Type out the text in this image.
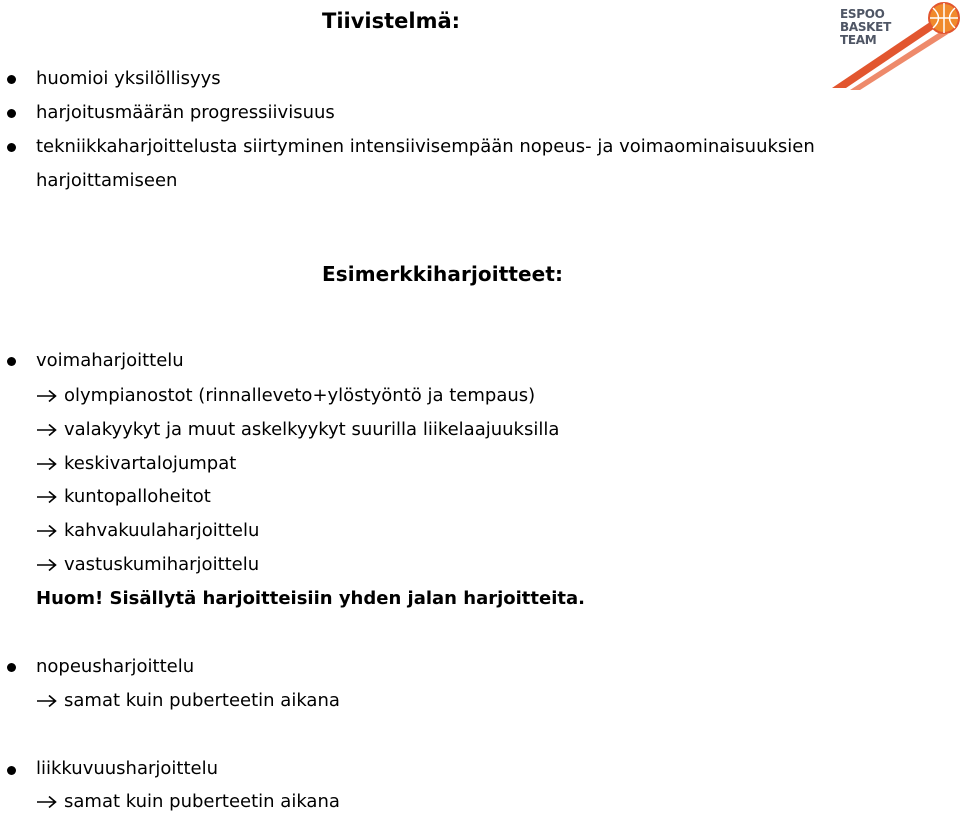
ESPOO
BASKET
TEAM
Tiivistelmä:
huomioi yksilöllisyys
harjoitusmäärän progressiivisuus
tekniikkaharjoittelusta siirtyminen intensiivisempään nopeus- ja voimaominaisuuksien
harjoittamiseen
Esimerkkiharjoitteet:
voimaharjoittelu
olympianostot (rinnalleveto+ylöstyöntö ja tempaus)
valakyykyt ja muut askelkyykyt suurilla liikelaajuuksilla
keskivartalojumpat
kuntopalloheitot
kahvakuulaharjoittelu
vastuskumiharjoittelu
Huom! Sisällytä harjoitteisiin yhden jalan harjoitteita.
nopeusharjoittelu
samat kuin puberteetin aikana
liikkuvuusharjoittelu
samat kuin puberteetin aikana
